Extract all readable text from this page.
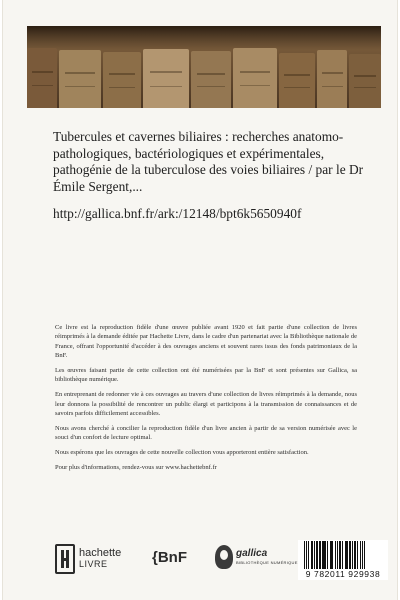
Tubercules et cavernes biliaires : recherches anatomo-pathologiques, bactériologiques et expérimentales, pathogénie de la tuberculose des voies biliaires / par le Dr Émile Sergent,...
http://gallica.bnf.fr/ark:/12148/bpt6k5650940f

Ce livre est la reproduction fidèle d'une œuvre publiée avant 1920 et fait partie d'une collection de livres réimprimés à la demande éditée par Hachette Livre, dans le cadre d'un partenariat avec la Bibliothèque nationale de France, offrant l'opportunité d'accéder à des ouvrages anciens et souvent rares issus des fonds patrimoniaux de la BnF.

Les œuvres faisant partie de cette collection ont été numérisées par la BnF et sont présentes sur Gallica, sa bibliothèque numérique.

En entreprenant de redonner vie à ces ouvrages au travers d'une collection de livres réimprimés à la demande, nous leur donnons la possibilité de rencontrer un public élargi et participons à la transmission de connaissances et de savoirs parfois difficilement accessibles.

Nous avons cherché à concilier la reproduction fidèle d'un livre ancien à partir de sa version numérisée avec le souci d'un confort de lecture optimal.

Nous espérons que les ouvrages de cette nouvelle collection vous apporteront entière satisfaction.

Pour plus d'informations, rendez-vous sur www.hachettebnf.fr

hachette
LIVRE	{BnF	gallica
BIBLIOTHÈQUE NUMÉRIQUE
9 782011 929938
